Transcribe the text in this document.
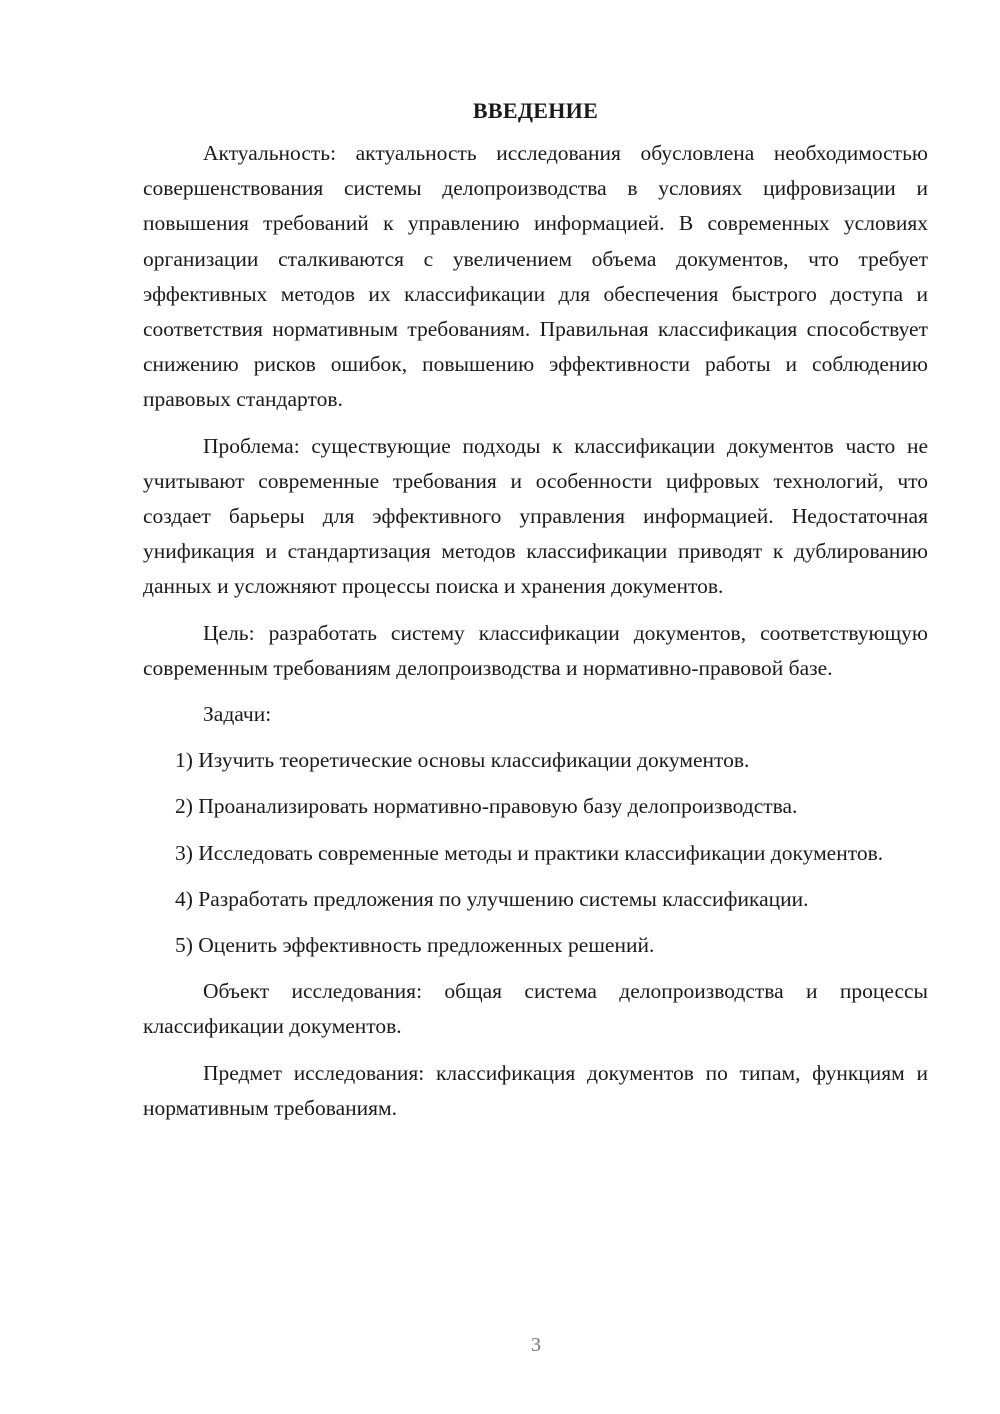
ВВЕДЕНИЕ

Актуальность: актуальность исследования обусловлена необходимостью совершенствования системы делопроизводства в условиях цифровизации и повышения требований к управлению информацией. В современных условиях организации сталкиваются с увеличением объема документов, что требует эффективных методов их классификации для обеспечения быстрого доступа и соответствия нормативным требованиям. Правильная классификация способствует снижению рисков ошибок, повышению эффективности работы и соблюдению правовых стандартов.

Проблема: существующие подходы к классификации документов часто не учитывают современные требования и особенности цифровых технологий, что создает барьеры для эффективного управления информацией. Недостаточная унификация и стандартизация методов классификации приводят к дублированию данных и усложняют процессы поиска и хранения документов.

Цель: разработать систему классификации документов, соответствующую современным требованиям делопроизводства и нормативно-правовой базе.

Задачи:

1) Изучить теоретические основы классификации документов.

2) Проанализировать нормативно-правовую базу делопроизводства.

3) Исследовать современные методы и практики классификации документов.

4) Разработать предложения по улучшению системы классификации.

5) Оценить эффективность предложенных решений.

Объект исследования: общая система делопроизводства и процессы классификации документов.

Предмет исследования: классификация документов по типам, функциям и нормативным требованиям.

3
